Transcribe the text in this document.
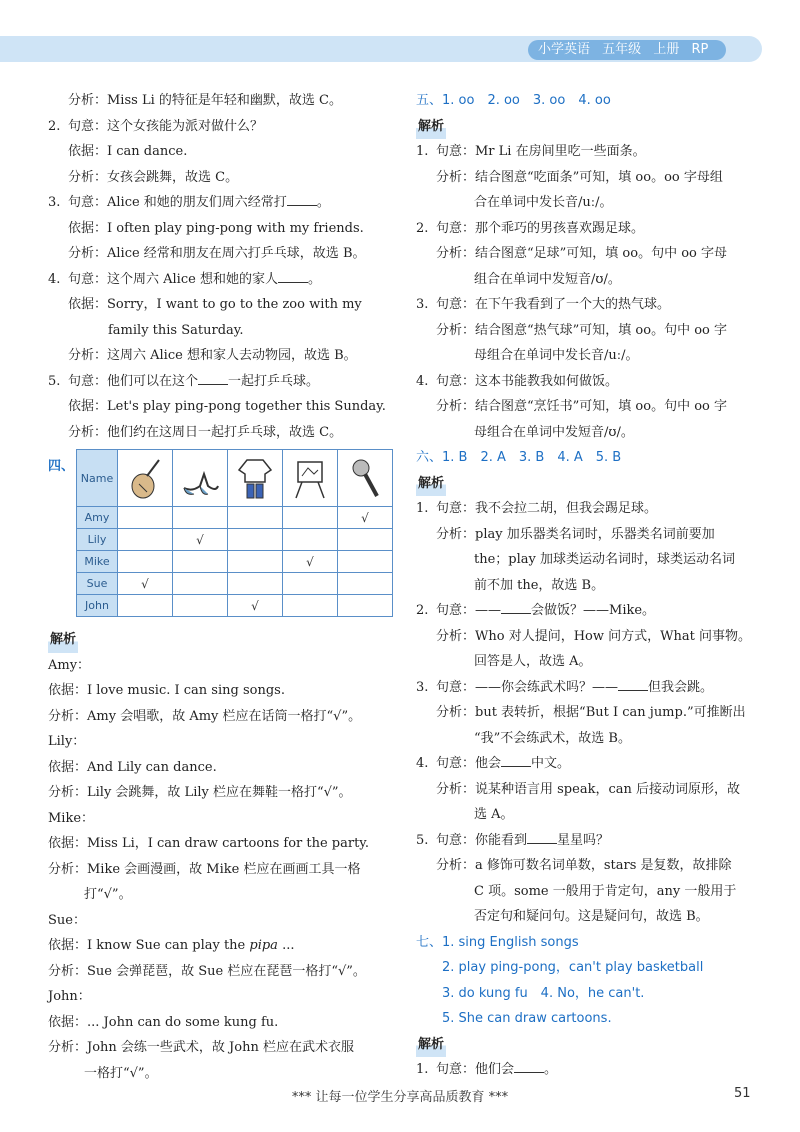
小学英语 五年级 上册 RP
分析：Miss Li 的特征是年轻和幽默，故选 C。
2. 句意：这个女孩能为派对做什么？
依据：I can dance.
分析：女孩会跳舞，故选 C。
3. 句意：Alice 和她的朋友们周六经常打 。
依据：I often play ping-pong with my friends.
分析：Alice 经常和朋友在周六打乒乓球，故选 B。
4. 句意：这个周六 Alice 想和她的家人 。
依据：Sorry，I want to go to the zoo with my
family this Saturday.
分析：这周六 Alice 想和家人去动物园，故选 B。
5. 句意：他们可以在这个 一起打乒乓球。
依据：Let's play ping-pong together this Sunday.
分析：他们约在这周日一起打乒乓球，故选 C。
四、
Name	

Amy					√
Lily		√			
Mike				√	
Sue	√				
John			√		
解析
Amy：
依据：I love music. I can sing songs.
分析：Amy 会唱歌，故 Amy 栏应在话筒一格打“√”。
Lily：
依据：And Lily can dance.
分析：Lily 会跳舞，故 Lily 栏应在舞鞋一格打“√”。
Mike：
依据：Miss Li，I can draw cartoons for the party.
分析：Mike 会画漫画，故 Mike 栏应在画画工具一格
打“√”。
Sue：
依据：I know Sue can play the pipa ...
分析：Sue 会弹琵琶，故 Sue 栏应在琵琶一格打“√”。
John：
依据：... John can do some kung fu.
分析：John 会练一些武术，故 John 栏应在武术衣服
一格打“√”。
五、1. oo　2. oo　3. oo　4. oo
解析
1. 句意：Mr Li 在房间里吃一些面条。
分析：结合图意“吃面条”可知，填 oo。oo 字母组
合在单词中发长音/uː/。
2. 句意：那个乖巧的男孩喜欢踢足球。
分析：结合图意“足球”可知，填 oo。句中 oo 字母
组合在单词中发短音/ʊ/。
3. 句意：在下午我看到了一个大的热气球。
分析：结合图意“热气球”可知，填 oo。句中 oo 字
母组合在单词中发长音/uː/。
4. 句意：这本书能教我如何做饭。
分析：结合图意“烹饪书”可知，填 oo。句中 oo 字
母组合在单词中发短音/ʊ/。
六、1. B　2. A　3. B　4. A　5. B
解析
1. 句意：我不会拉二胡，但我会踢足球。
分析：play 加乐器类名词时，乐器类名词前要加
the；play 加球类运动名词时，球类运动名词
前不加 the，故选 B。
2. 句意：—— 会做饭？——Mike。
分析：Who 对人提问，How 问方式，What 问事物。
回答是人，故选 A。
3. 句意：——你会练武术吗？—— 但我会跳。
分析：but 表转折，根据“But I can jump.”可推断出
“我”不会练武术，故选 B。
4. 句意：他会 中文。
分析：说某种语言用 speak，can 后接动词原形，故
选 A。
5. 句意：你能看到 星星吗？
分析：a 修饰可数名词单数，stars 是复数，故排除
C 项。some 一般用于肯定句，any 一般用于
否定句和疑问句。这是疑问句，故选 B。
七、1. sing English songs
2. play ping-pong，can't play basketball
3. do kung fu　4. No，he can't.
5. She can draw cartoons.
解析
1. 句意：他们会 。
*** 让每一位学生分享高品质教育 ***	51
